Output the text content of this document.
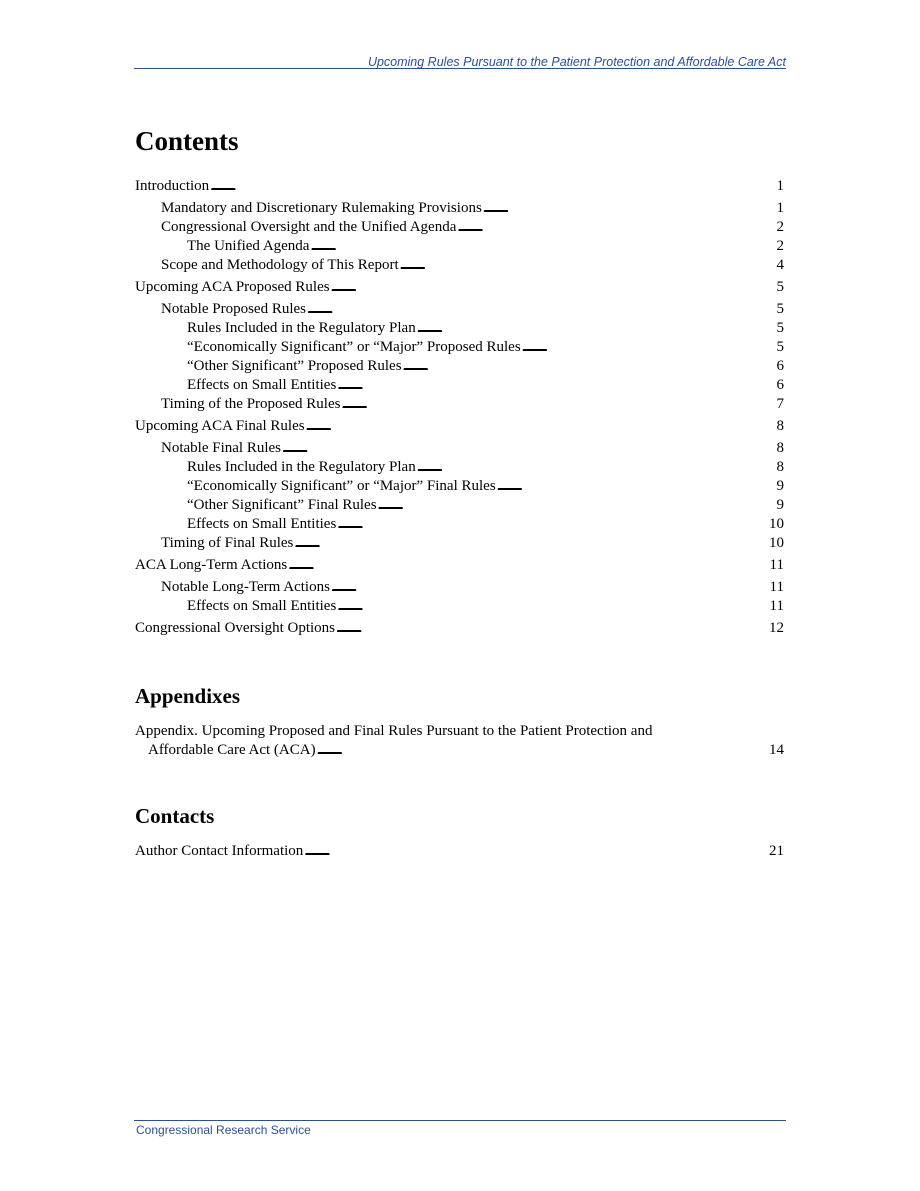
Upcoming Rules Pursuant to the Patient Protection and Affordable Care Act
Contents
Introduction . . .	1
Mandatory and Discretionary Rulemaking Provisions . . .	1
Congressional Oversight and the Unified Agenda . . .	2
The Unified Agenda . . .	2
Scope and Methodology of This Report . . .	4
Upcoming ACA Proposed Rules . . .	5
Notable Proposed Rules . . .	5
Rules Included in the Regulatory Plan . . .	5
“Economically Significant” or “Major” Proposed Rules . . .	5
“Other Significant” Proposed Rules . . .	6
Effects on Small Entities . . .	6
Timing of the Proposed Rules . . .	7
Upcoming ACA Final Rules . . .	8
Notable Final Rules . . .	8
Rules Included in the Regulatory Plan . . .	8
“Economically Significant” or “Major” Final Rules . . .	9
“Other Significant” Final Rules . . .	9
Effects on Small Entities . . .	10
Timing of Final Rules . . .	10
ACA Long-Term Actions . . .	11
Notable Long-Term Actions . . .	11
Effects on Small Entities . . .	11
Congressional Oversight Options . . .	12
Appendixes
Appendix. Upcoming Proposed and Final Rules Pursuant to the Patient Protection and
Affordable Care Act (ACA) . . .	14
Contacts
Author Contact Information . . .	21
Congressional Research Service
